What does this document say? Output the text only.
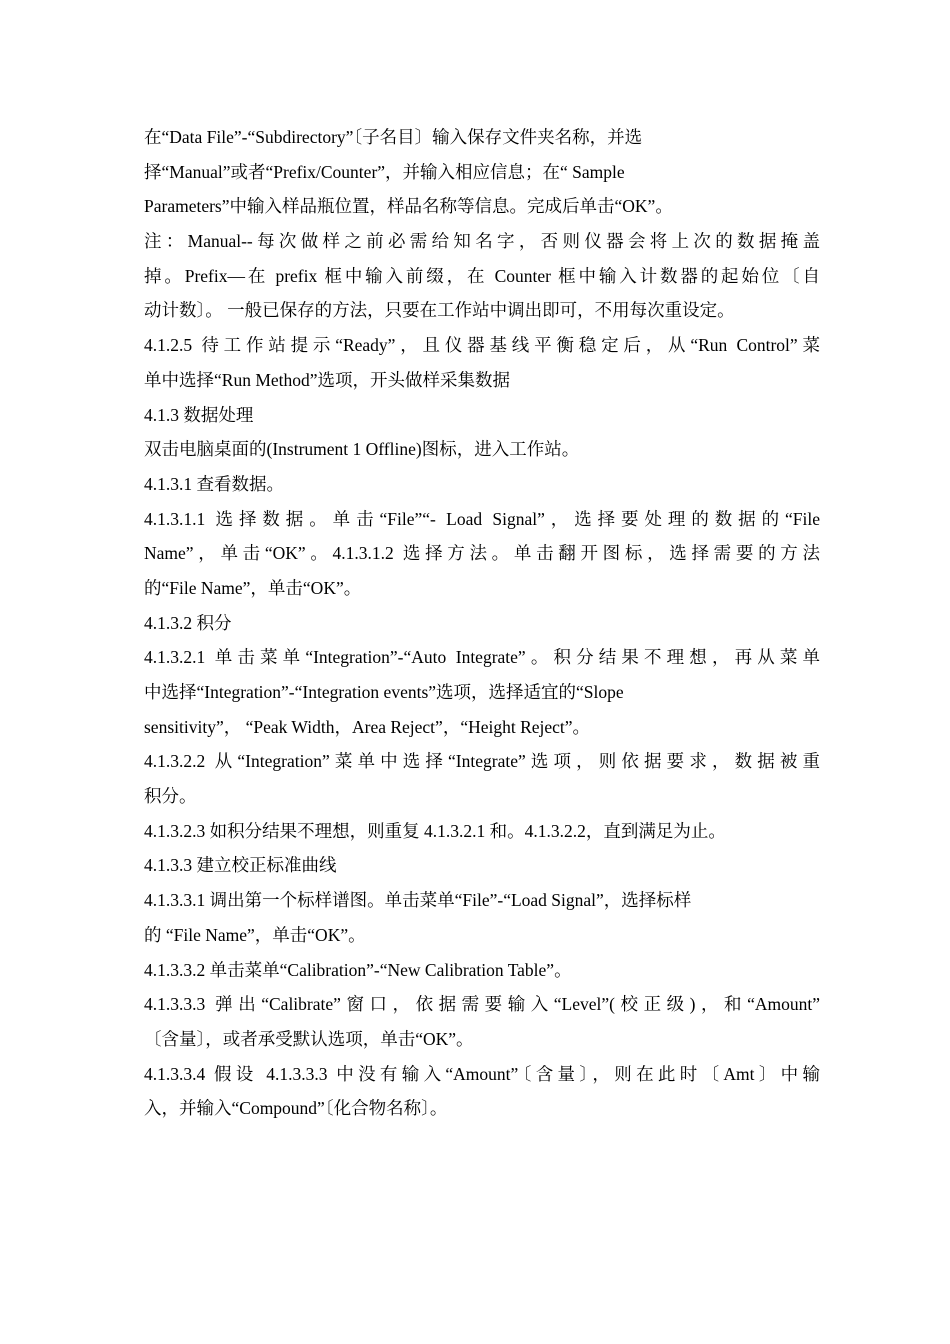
在“Data File”-“Subdirectory”〔子名目〕输入保存文件夹名称，并选
择“Manual”或者“Prefix/Counter”，并输入相应信息；在“ Sample
Parameters”中输入样品瓶位置，样品名称等信息。完成后单击“OK”。
注：Manual--每次做样之前必需给知名字，否则仪器会将上次的数据掩盖
掉。Prefix—在 prefix 框中输入前缀，在 Counter 框中输入计数器的起始位〔自
动计数〕。 一般已保存的方法，只要在工作站中调出即可，不用每次重设定。
4.1.2.5 待工作站提示“Ready”，且仪器基线平衡稳定后，从“Run Control”菜
单中选择“Run Method”选项，开头做样采集数据
4.1.3 数据处理
双击电脑桌面的(Instrument 1 Offline)图标，进入工作站。
4.1.3.1 查看数据。
4.1.3.1.1 选择数据。单击“File”“- Load Signal”，选择要处理的数据的“File
Name”，单击“OK”。4.1.3.1.2 选择方法。单击翻开图标，选择需要的方法
的“File Name”，单击“OK”。
4.1.3.2 积分
4.1.3.2.1 单击菜单“Integration”-“Auto Integrate”。积分结果不理想，再从菜单
中选择“Integration”-“Integration events”选项，选择适宜的“Slope
sensitivity”， “Peak Width，Area Reject”，“Height Reject”。
4.1.3.2.2 从“Integration”菜单中选择“Integrate”选项，则依据要求，数据被重
积分。
4.1.3.2.3 如积分结果不理想，则重复 4.1.3.2.1 和。4.1.3.2.2，直到满足为止。
4.1.3.3 建立校正标准曲线
4.1.3.3.1 调出第一个标样谱图。单击菜单“File”-“Load Signal”，选择标样
的 “File Name”，单击“OK”。
4.1.3.3.2 单击菜单“Calibration”-“New Calibration Table”。
4.1.3.3.3 弹出“Calibrate”窗口，依据需要输入“Level”(校正级)，和“Amount”
〔含量〕，或者承受默认选项，单击“OK”。
4.1.3.3.4 假设 4.1.3.3.3 中没有输入“Amount”〔含量〕，则在此时〔Amt〕中输
入，并输入“Compound”〔化合物名称〕。
